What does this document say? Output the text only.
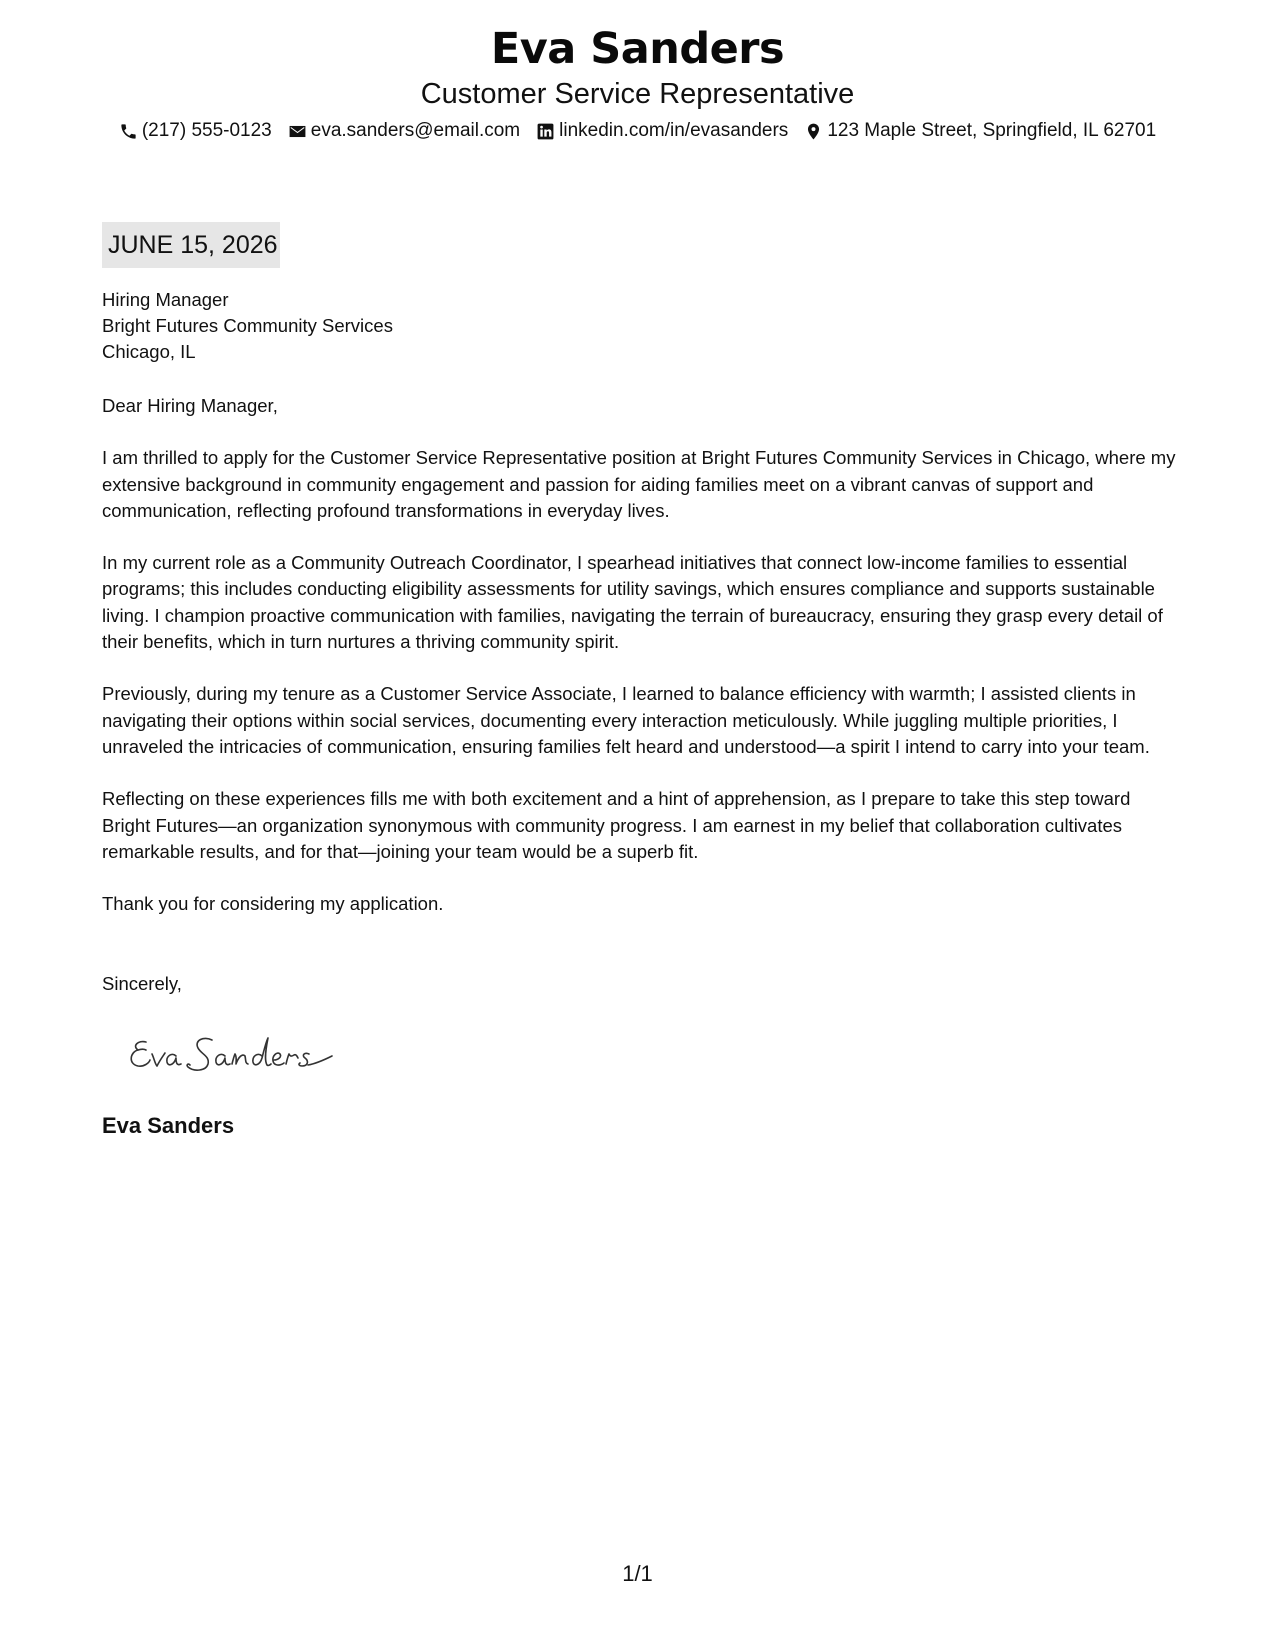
Eva Sanders
Customer Service Representative
(217) 555-0123 eva.sanders@email.com linkedin.com/in/evasanders 123 Maple Street, Springfield, IL 62701
JUNE 15, 2026
Hiring Manager
Bright Futures Community Services
Chicago, IL

Dear Hiring Manager,

I am thrilled to apply for the Customer Service Representative position at Bright Futures Community Services in Chicago, where my extensive background in community engagement and passion for aiding families meet on a vibrant canvas of support and communication, reflecting profound transformations in everyday lives.

In my current role as a Community Outreach Coordinator, I spearhead initiatives that connect low-income families to essential programs; this includes conducting eligibility assessments for utility savings, which ensures compliance and supports sustainable living. I champion proactive communication with families, navigating the terrain of bureaucracy, ensuring they grasp every detail of their benefits, which in turn nurtures a thriving community spirit.

Previously, during my tenure as a Customer Service Associate, I learned to balance efficiency with warmth; I assisted clients in navigating their options within social services, documenting every interaction meticulously. While juggling multiple priorities, I unraveled the intricacies of communication, ensuring families felt heard and understood—a spirit I intend to carry into your team.

Reflecting on these experiences fills me with both excitement and a hint of apprehension, as I prepare to take this step toward Bright Futures—an organization synonymous with community progress. I am earnest in my belief that collaboration cultivates remarkable results, and for that—joining your team would be a superb fit.

Thank you for considering my application.

Sincerely,
Eva Sanders
1/1
